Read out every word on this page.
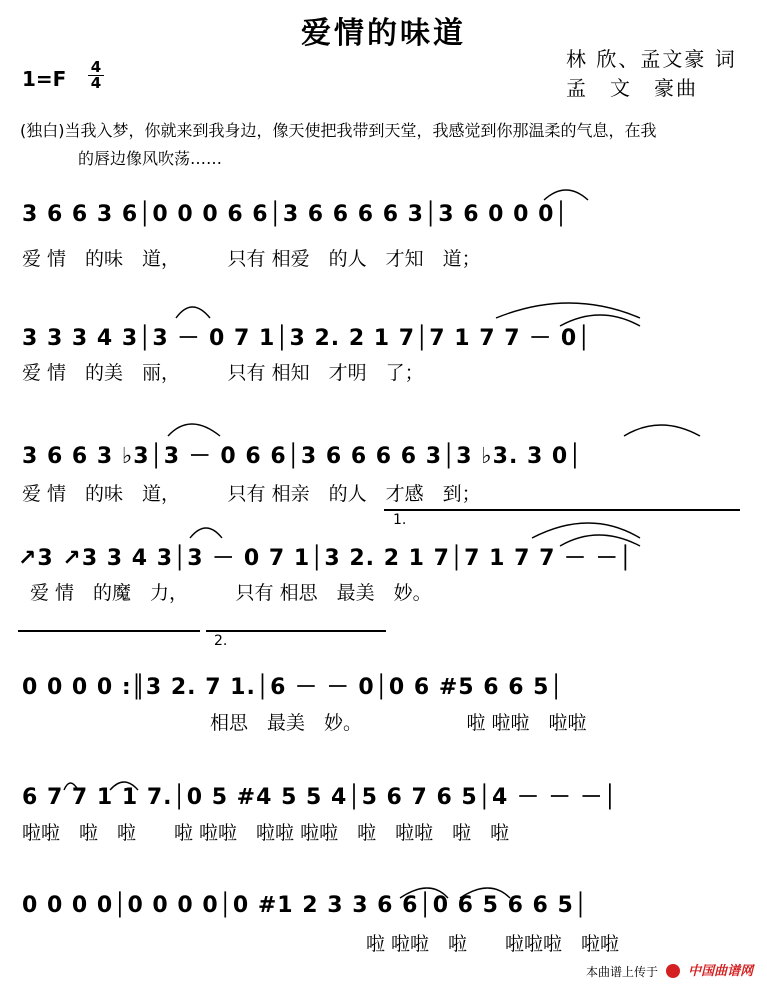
爱情的味道
林 欣、孟文豪 词
孟　文　豪曲
1=F	4
4
(独白)当我入梦，你就来到我身边，像天使把我带到天堂，我感觉到你那温柔的气息，在我
的唇边像风吹荡……
3 6 6 3 6│0 0 0 6 6│3 6 6 6 6 3│3 6 0 0 0│
爱 情　的味　道，　　　只有 相爱　的人　才知　道；
3 3 3 4 3│3 － 0 7 1│3 2. 2 1 7│7 1 7 7 － 0│
爱 情　的美　丽，　　　只有 相知　才明　了；
3 6 6 3 ♭3│3 － 0 6 6│3 6 6 6 6 3│3 ♭3. 3 0│
爱 情　的味　道，　　　只有 相亲　的人　才感　到；
1.
↗3 ↗3 3 4 3│3 － 0 7 1│3 2. 2 1 7│7 1 7 7 － －│
爱 情　的魔　力，　　　只有 相思　最美　妙。
2.
0 0 0 0 :║3 2. 7 1.│6 － － 0│0 6 #5 6 6 5│
相思　最美　妙。　　　　　　啦 啦啦　啦啦
6 7 7 1 1 7.│0 5 #4 5 5 4│5 6 7 6 5│4 － － －│
啦啦　啦　啦　　啦 啦啦　啦啦 啦啦　啦　啦啦　啦　啦
0 0 0 0│0 0 0 0│0 #1 2 3 3 6 6│0 6 5 6 6 5│
啦 啦啦　啦　　啦啦啦　啦啦
本曲谱上传于	中国曲谱网
